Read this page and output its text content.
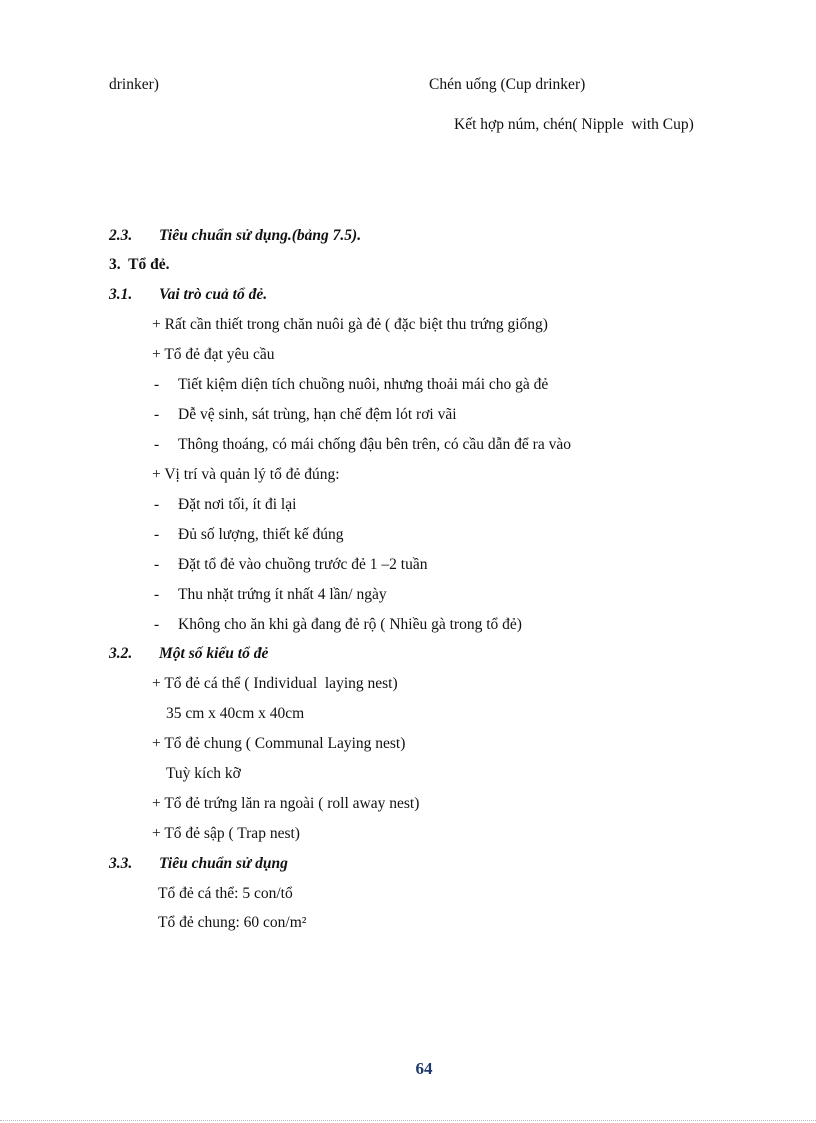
drinker)	Chén uống (Cup drinker)
Kết hợp núm, chén( Nipple  with Cup)
2.3. Tiêu chuẩn sử dụng.(bảng 7.5).
3. Tổ đẻ.
3.1. Vai trò cuả tổ đẻ.
+ Rất cần thiết trong chăn nuôi gà đẻ ( đặc biệt thu trứng giống)
+ Tổ đẻ đạt yêu cầu
- Tiết kiệm diện tích chuồng nuôi, nhưng thoải mái cho gà đẻ
- Dễ vệ sinh, sát trùng, hạn chế đệm lót rơi vãi
- Thông thoáng, có mái chống đậu bên trên, có cầu dẫn để ra vào
+ Vị trí và quản lý tổ đẻ đúng:
- Đặt nơi tối, ít đi lại
- Đủ số lượng, thiết kế đúng
- Đặt tổ đẻ vào chuồng trước đẻ 1 –2 tuần
- Thu nhặt trứng ít nhất 4 lần/ ngày
- Không cho ăn khi gà đang đẻ rộ ( Nhiều gà trong tổ đẻ)
3.2. Một số kiểu tổ đẻ
+ Tổ đẻ cá thể ( Individual  laying nest)
35 cm x 40cm x 40cm
+ Tổ đẻ chung ( Communal Laying nest)
Tuỳ kích kỡ
+ Tổ đẻ trứng lăn ra ngoài ( roll away nest)
+ Tổ đẻ sập ( Trap nest)
3.3. Tiêu chuẩn sử dụng
Tổ đẻ cá thể: 5 con/tổ
Tổ đẻ chung: 60 con/m²
64
